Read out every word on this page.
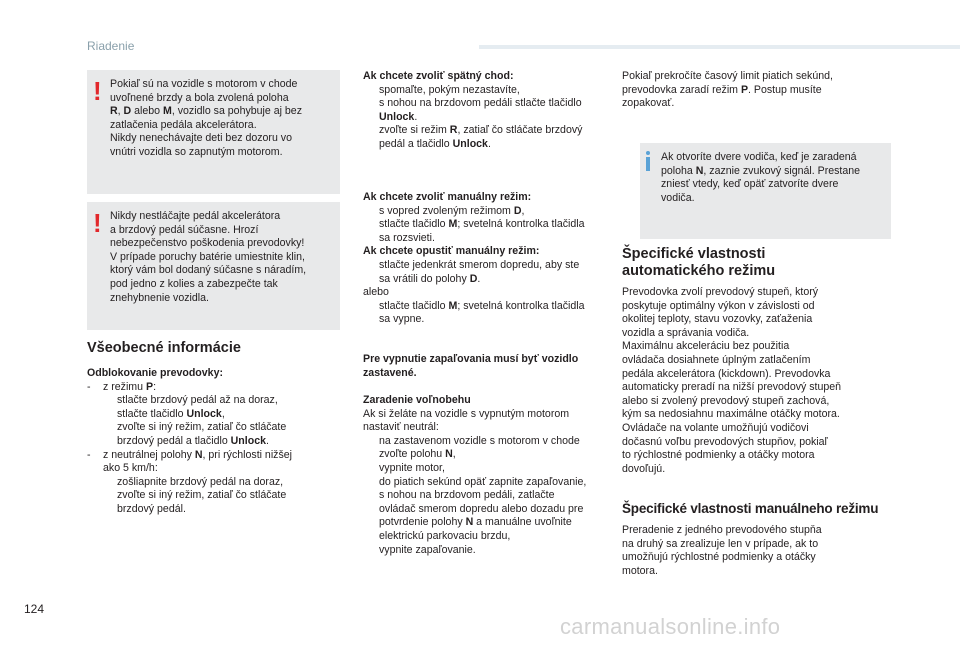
Riadenie
! Pokiaľ sú na vozidle s motorom v chode

uvoľnené brzdy a bola zvolená poloha

R, D alebo M, vozidlo sa pohybuje aj bez

zatlačenia pedála akcelerátora.

Nikdy nenechávajte deti bez dozoru vo

vnútri vozidla so zapnutým motorom.

! Nikdy nestláčajte pedál akcelerátora

a brzdový pedál súčasne. Hrozí

nebezpečenstvo poškodenia prevodovky!

V prípade poruchy batérie umiestnite klin,

ktorý vám bol dodaný súčasne s náradím,

pod jedno z kolies a zabezpečte tak

znehybnenie vozidla.

Všeobecné informácie

Odblokovanie prevodovky:

- z režimu P:
stlačte brzdový pedál až na doraz,
stlačte tlačidlo Unlock,
zvoľte si iný režim, zatiaľ čo stláčate
brzdový pedál a tlačidlo Unlock.
- z neutrálnej polohy N, pri rýchlosti nižšej
ako 5 km/h:
zošliapnite brzdový pedál na doraz,
zvoľte si iný režim, zatiaľ čo stláčate
brzdový pedál.

Ak chcete zvoliť spätný chod:

spomaľte, pokým nezastavíte,
s nohou na brzdovom pedáli stlačte tlačidlo
Unlock.
zvoľte si režim R, zatiaľ čo stláčate brzdový
pedál a tlačidlo Unlock.

Ak chcete zvoliť manuálny režim:

s vopred zvoleným režimom D,
stlačte tlačidlo M; svetelná kontrolka tlačidla
sa rozsvieti.

Ak chcete opustiť manuálny režim:

stlačte jedenkrát smerom dopredu, aby ste
sa vrátili do polohy D.

alebo

stlačte tlačidlo M; svetelná kontrolka tlačidla
sa vypne.

Pre vypnutie zapaľovania musí byť vozidlo

zastavené.

Zaradenie voľnobehu

Ak si želáte na vozidle s vypnutým motorom

nastaviť neutrál:

na zastavenom vozidle s motorom v chode
zvoľte polohu N,
vypnite motor,
do piatich sekúnd opäť zapnite zapaľovanie,
s nohou na brzdovom pedáli, zatlačte
ovládač smerom dopredu alebo dozadu pre
potvrdenie polohy N a manuálne uvoľnite
elektrickú parkovaciu brzdu,
vypnite zapaľovanie.

Pokiaľ prekročíte časový limit piatich sekúnd,

prevodovka zaradí režim P. Postup musíte

zopakovať.

Ak otvoríte dvere vodiča, keď je zaradená

poloha N, zaznie zvukový signál. Prestane

zniesť vtedy, keď opäť zatvoríte dvere

vodiča.

Špecifické vlastnosti
automatického režimu

Prevodovka zvolí prevodový stupeň, ktorý

poskytuje optimálny výkon v závislosti od

okolitej teploty, stavu vozovky, zaťaženia

vozidla a správania vodiča.

Maximálnu akceleráciu bez použitia

ovládača dosiahnete úplným zatlačením

pedála akcelerátora (kickdown). Prevodovka

automaticky preradí na nižší prevodový stupeň

alebo si zvolený prevodový stupeň zachová,

kým sa nedosiahnu maximálne otáčky motora.

Ovládače na volante umožňujú vodičovi

dočasnú voľbu prevodových stupňov, pokiaľ

to rýchlostné podmienky a otáčky motora

dovoľujú.

Špecifické vlastnosti manuálneho režimu

Preradenie z jedného prevodového stupňa

na druhý sa zrealizuje len v prípade, ak to

umožňujú rýchlostné podmienky a otáčky

motora.

124
carmanualsonline.info
